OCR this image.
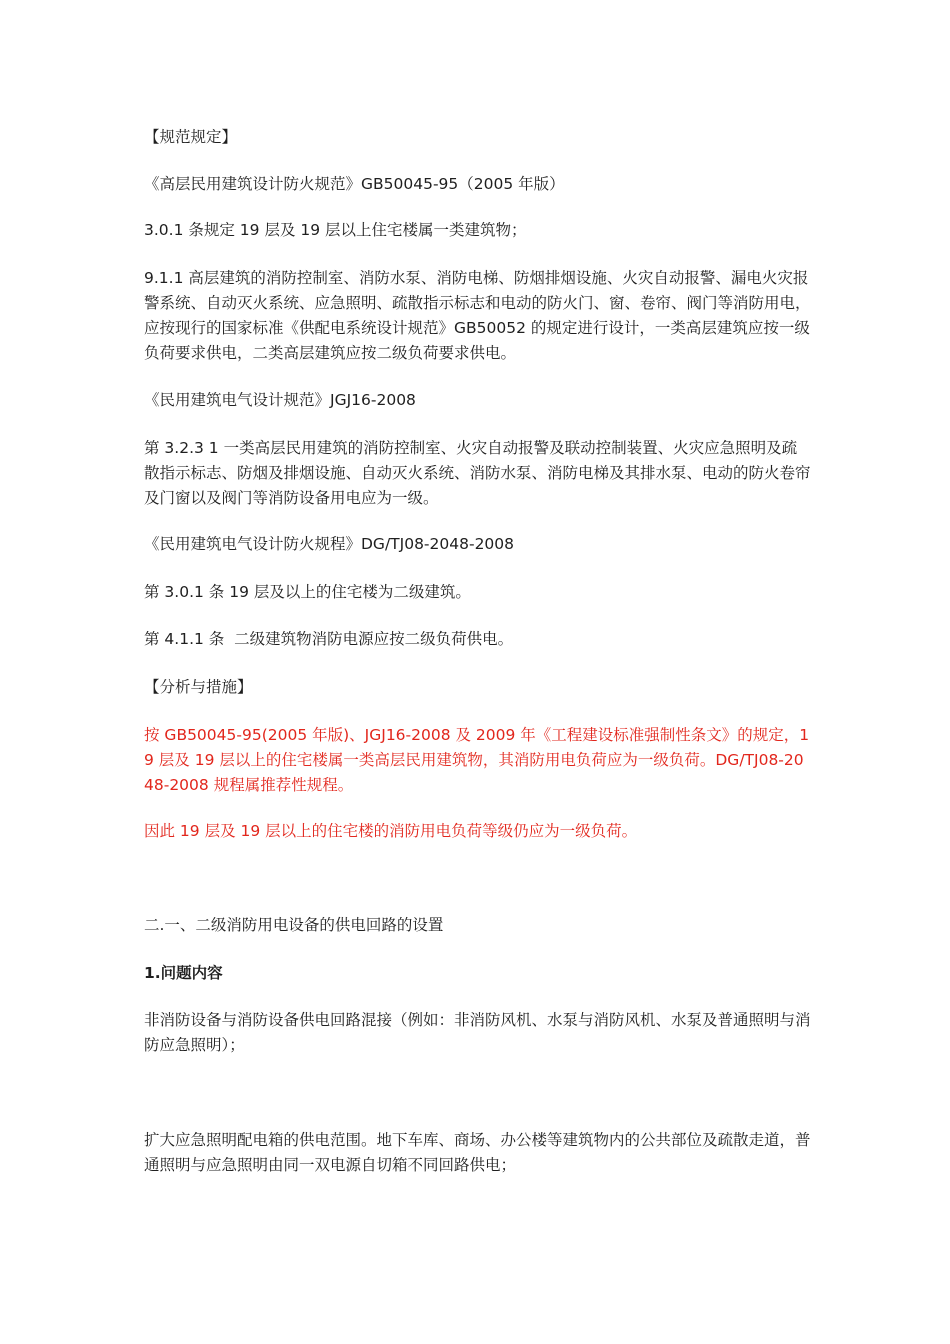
【规范规定】

《高层民用建筑设计防火规范》GB50045-95（2005 年版）

3.0.1 条规定 19 层及 19 层以上住宅楼属一类建筑物；

9.1.1 高层建筑的消防控制室、消防水泵、消防电梯、防烟排烟设施、火灾自动报警、漏电火灾报警系统、自动灭火系统、应急照明、疏散指示标志和电动的防火门、窗、卷帘、阀门等消防用电，应按现行的国家标准《供配电系统设计规范》GB50052 的规定进行设计，一类高层建筑应按一级负荷要求供电，二类高层建筑应按二级负荷要求供电。

《民用建筑电气设计规范》JGJ16-2008

第 3.2.3 1 一类高层民用建筑的消防控制室、火灾自动报警及联动控制装置、火灾应急照明及疏散指示标志、防烟及排烟设施、自动灭火系统、消防水泵、消防电梯及其排水泵、电动的防火卷帘及门窗以及阀门等消防设备用电应为一级。

《民用建筑电气设计防火规程》DG/TJ08-2048-2008

第 3.0.1 条 19 层及以上的住宅楼为二级建筑。

第 4.1.1 条  二级建筑物消防电源应按二级负荷供电。

【分析与措施】

按 GB50045-95(2005 年版)、JGJ16-2008 及 2009 年《工程建设标准强制性条文》的规定，19 层及 19 层以上的住宅楼属一类高层民用建筑物，其消防用电负荷应为一级负荷。DG/TJ08-2048-2008 规程属推荐性规程。

因此 19 层及 19 层以上的住宅楼的消防用电负荷等级仍应为一级负荷。

二.一、二级消防用电设备的供电回路的设置

1.问题内容

非消防设备与消防设备供电回路混接（例如：非消防风机、水泵与消防风机、水泵及普通照明与消防应急照明）；

扩大应急照明配电箱的供电范围。地下车库、商场、办公楼等建筑物内的公共部位及疏散走道，普通照明与应急照明由同一双电源自切箱不同回路供电；
